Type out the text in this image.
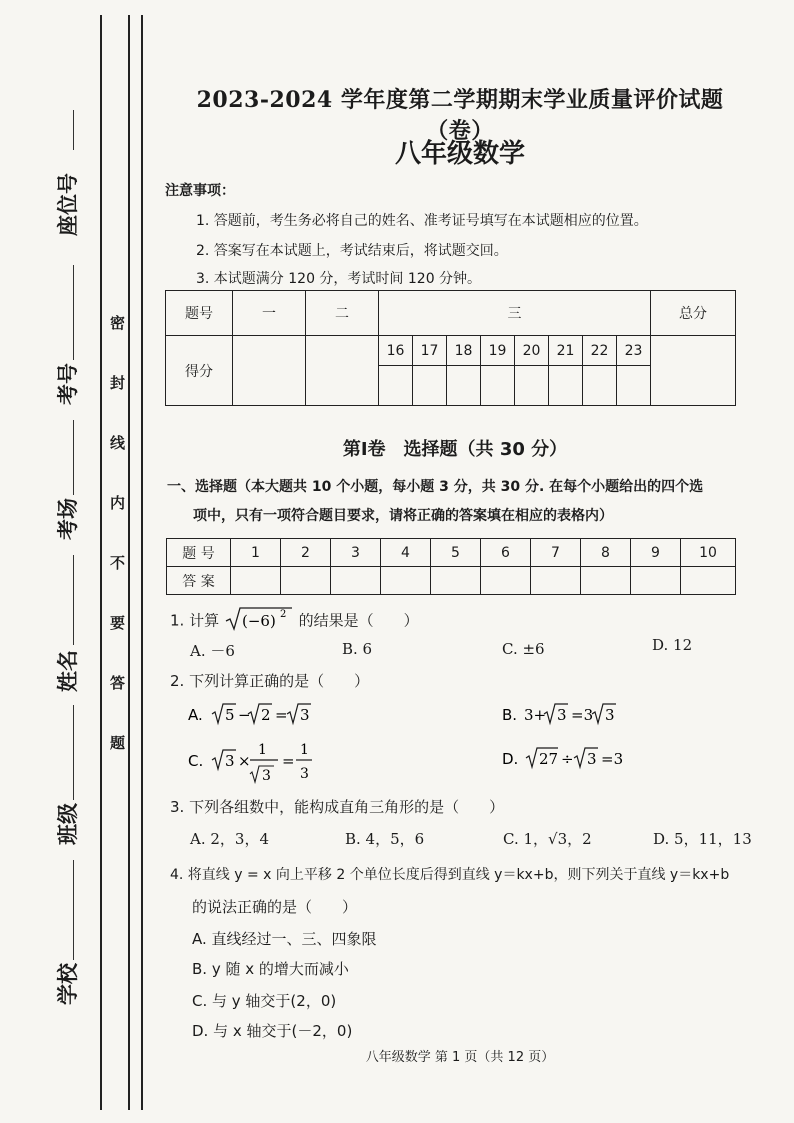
座位号
考号
考场
姓名
班级
学校
密
封
线
内
不
要
答
题
2023-2024 学年度第二学期期末学业质量评价试题（卷）
八年级数学
注意事项：
1. 答题前，考生务必将自己的姓名、准考证号填写在本试题相应的位置。
2. 答案写在本试题上，考试结束后，将试题交回。
3. 本试题满分 120 分，考试时间 120 分钟。
题号	一	二	三								总分
得分			16	17	18	19	20	21	22	23	

第Ⅰ卷　选择题（共 30 分）
一、选择题（本大题共 10 个小题，每小题 3 分，共 30 分. 在每个小题给出的四个选
项中，只有一项符合题目要求，请将正确的答案填在相应的表格内）
题 号	1	2	3	4	5	6	7	8	9	10
答 案										
1. 计算 (−6) 2 的结果是（　　）
A. －6	B. 6	C. ±6	D. 12
2. 下列计算正确的是（　　）
A. 5 − 2 = 3	B. 3+ 3 =3 3
C. 3 ×
1
3
=
1
3
D. 27 ÷ 3 =3
3. 下列各组数中，能构成直角三角形的是（　　）
A. 2，3，4	B. 4，5，6	C. 1，√3，2	D. 5，11，13
4. 将直线 y = x 向上平移 2 个单位长度后得到直线 y＝kx+b，则下列关于直线 y＝kx+b
的说法正确的是（　　）
A. 直线经过一、三、四象限
B. y 随 x 的增大而减小
C. 与 y 轴交于(2，0)
D. 与 x 轴交于(－2，0)
八年级数学 第 1 页（共 12 页）
